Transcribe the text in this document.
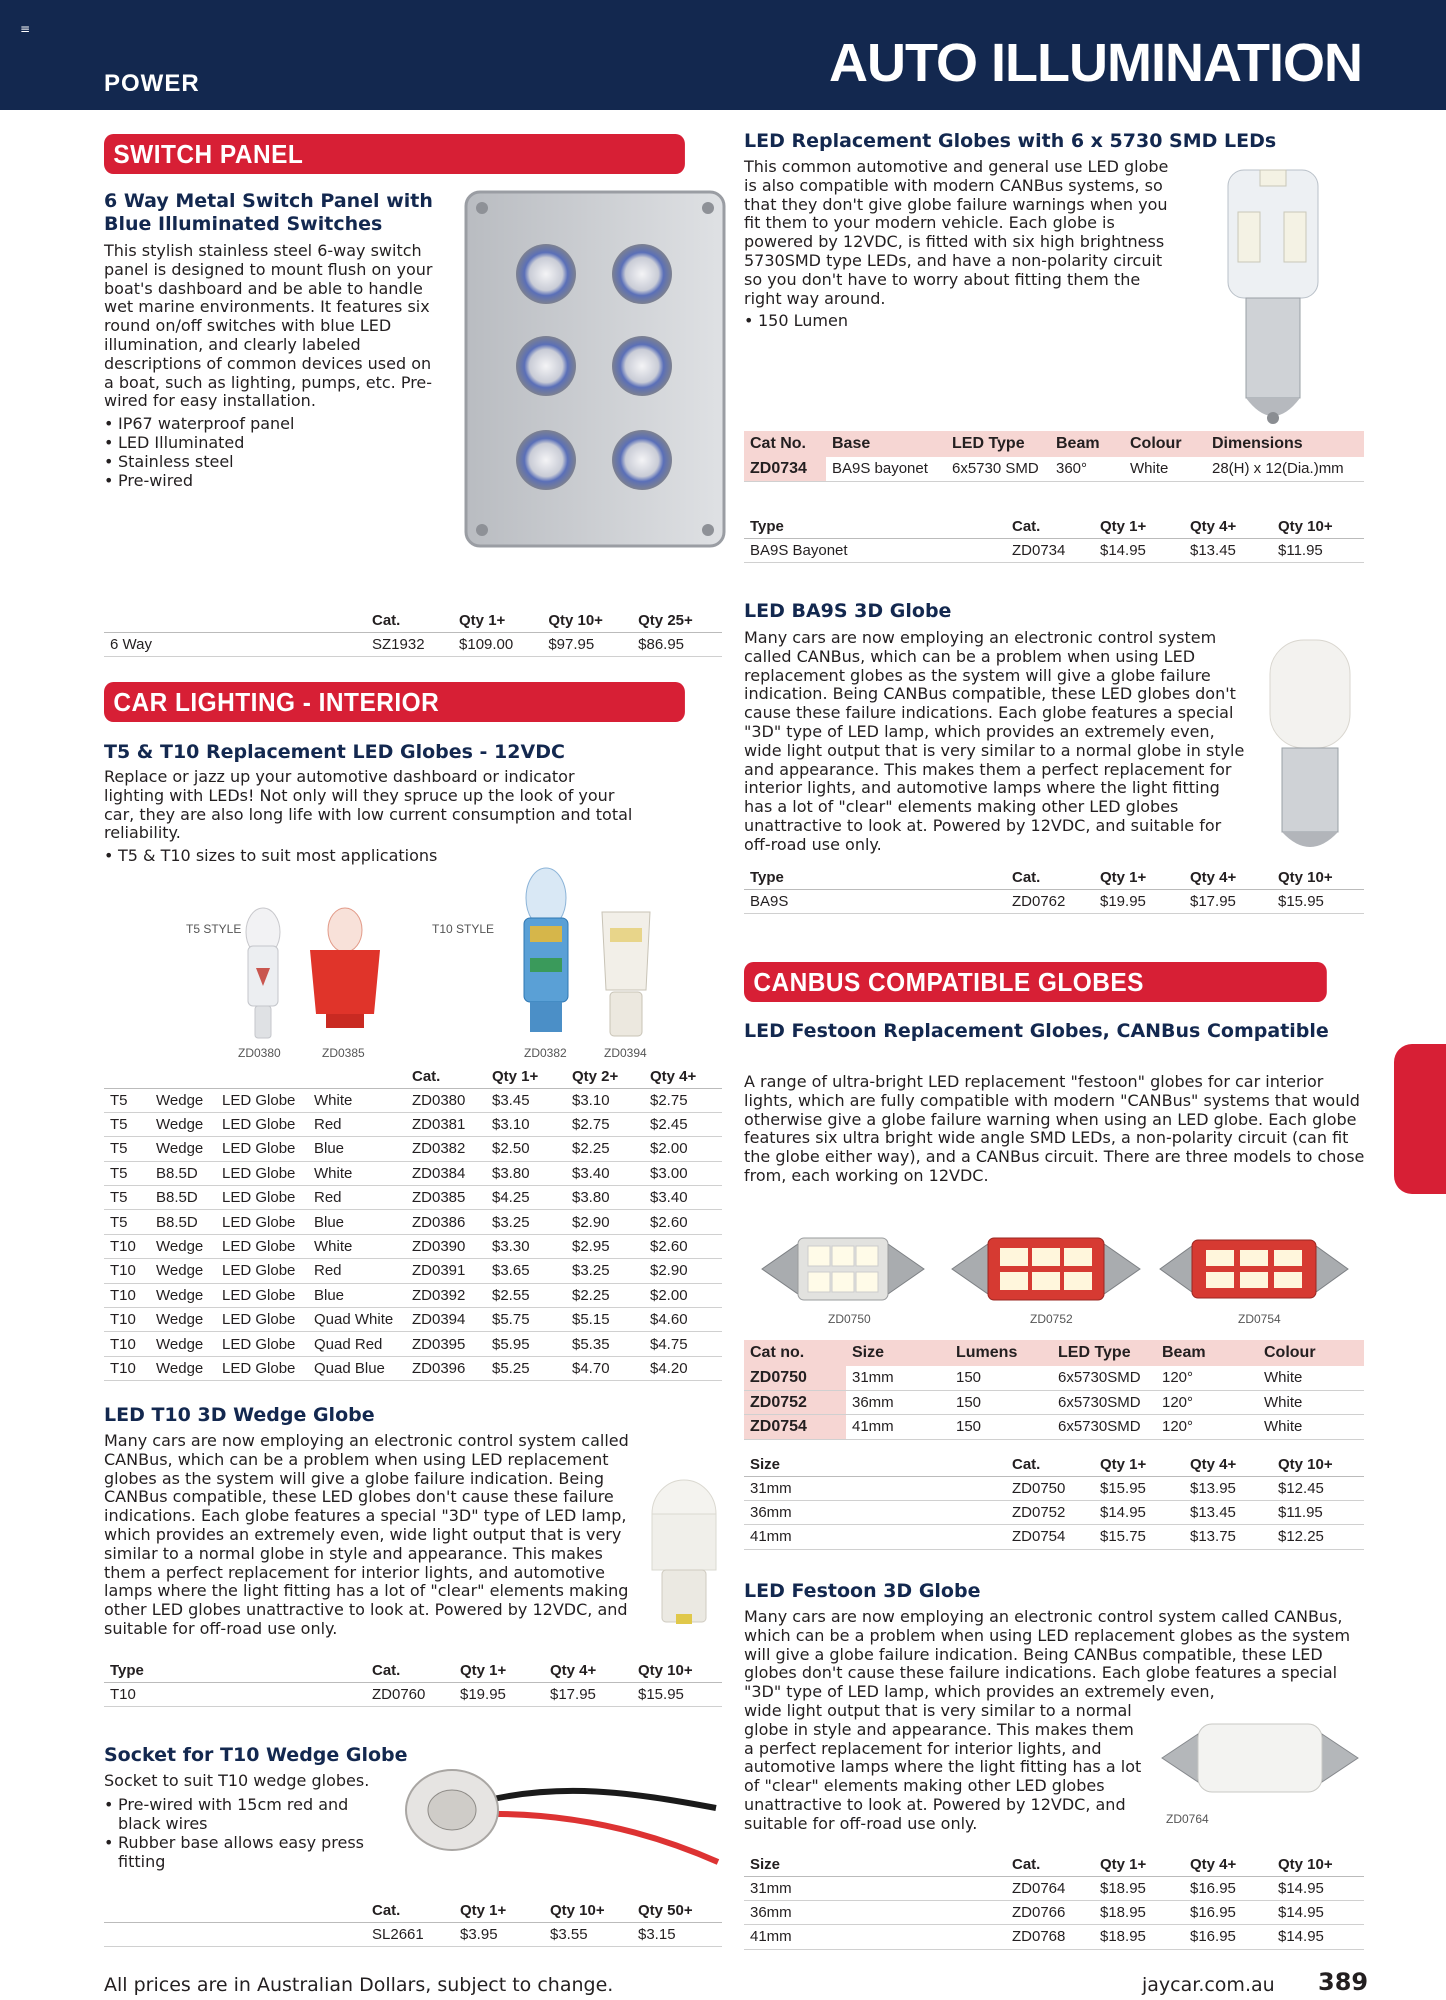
≡
POWER	AUTO ILLUMINATION
SWITCH PANEL
6 Way Metal Switch Panel with Blue Illuminated Switches
This stylish stainless steel 6-way switch panel is designed to mount flush on your boat's dashboard and be able to handle wet marine environments. It features six round on/off switches with blue LED illumination, and clearly labeled descriptions of common devices used on a boat, such as lighting, pumps, etc. Pre-wired for easy installation.
• IP67 waterproof panel
• LED Illuminated
• Stainless steel
• Pre-wired
	Cat.	Qty 1+	Qty 10+	Qty 25+
6 Way	SZ1932	$109.00	$97.95	$86.95
CAR LIGHTING - INTERIOR
T5 & T10 Replacement LED Globes - 12VDC
Replace or jazz up your automotive dashboard or indicator lighting with LEDs! Not only will they spruce up the look of your car, they are also long life with low current consumption and total reliability.
• T5 & T10 sizes to suit most applications
T5 STYLE	T10 STYLE
ZD0380	ZD0385	ZD0382	ZD0394
				Cat.	Qty 1+	Qty 2+	Qty 4+
T5	Wedge	LED Globe	White	ZD0380	$3.45	$3.10	$2.75
T5	Wedge	LED Globe	Red	ZD0381	$3.10	$2.75	$2.45
T5	Wedge	LED Globe	Blue	ZD0382	$2.50	$2.25	$2.00
T5	B8.5D	LED Globe	White	ZD0384	$3.80	$3.40	$3.00
T5	B8.5D	LED Globe	Red	ZD0385	$4.25	$3.80	$3.40
T5	B8.5D	LED Globe	Blue	ZD0386	$3.25	$2.90	$2.60
T10	Wedge	LED Globe	White	ZD0390	$3.30	$2.95	$2.60
T10	Wedge	LED Globe	Red	ZD0391	$3.65	$3.25	$2.90
T10	Wedge	LED Globe	Blue	ZD0392	$2.55	$2.25	$2.00
T10	Wedge	LED Globe	Quad White	ZD0394	$5.75	$5.15	$4.60
T10	Wedge	LED Globe	Quad Red	ZD0395	$5.95	$5.35	$4.75
T10	Wedge	LED Globe	Quad Blue	ZD0396	$5.25	$4.70	$4.20
LED T10 3D Wedge Globe
Many cars are now employing an electronic control system called CANBus, which can be a problem when using LED replacement globes as the system will give a globe failure indication. Being CANBus compatible, these LED globes don't cause these failure indications. Each globe features a special "3D" type of LED lamp, which provides an extremely even, wide light output that is very similar to a normal globe in style and appearance. This makes them a perfect replacement for interior lights, and automotive lamps where the light fitting has a lot of "clear" elements making other LED globes unattractive to look at. Powered by 12VDC, and suitable for off-road use only.
Type	Cat.	Qty 1+	Qty 4+	Qty 10+
T10	ZD0760	$19.95	$17.95	$15.95
Socket for T10 Wedge Globe
Socket to suit T10 wedge globes.
• Pre-wired with 15cm red and black wires
• Rubber base allows easy press fitting
	Cat.	Qty 1+	Qty 10+	Qty 50+
	SL2661	$3.95	$3.55	$3.15
LED Replacement Globes with 6 x 5730 SMD LEDs
This common automotive and general use LED globe is also compatible with modern CANBus systems, so that they don't give globe failure warnings when you fit them to your modern vehicle. Each globe is powered by 12VDC, is fitted with six high brightness 5730SMD type LEDs, and have a non-polarity circuit so you don't have to worry about fitting them the right way around.
• 150 Lumen
Cat No.	Base	LED Type	Beam	Colour	Dimensions
ZD0734	BA9S bayonet	6x5730 SMD	360°	White	28(H) x 12(Dia.)mm
Type	Cat.	Qty 1+	Qty 4+	Qty 10+
BA9S Bayonet	ZD0734	$14.95	$13.45	$11.95
LED BA9S 3D Globe
Many cars are now employing an electronic control system called CANBus, which can be a problem when using LED replacement globes as the system will give a globe failure indication. Being CANBus compatible, these LED globes don't cause these failure indications. Each globe features a special "3D" type of LED lamp, which provides an extremely even, wide light output that is very similar to a normal globe in style and appearance. This makes them a perfect replacement for interior lights, and automotive lamps where the light fitting has a lot of "clear" elements making other LED globes unattractive to look at. Powered by 12VDC, and suitable for off-road use only.
Type	Cat.	Qty 1+	Qty 4+	Qty 10+
BA9S	ZD0762	$19.95	$17.95	$15.95
CANBUS COMPATIBLE GLOBES
LED Festoon Replacement Globes, CANBus Compatible
A range of ultra-bright LED replacement "festoon" globes for car interior lights, which are fully compatible with modern "CANBus" systems that would otherwise give a globe failure warning when using an LED globe. Each globe features six ultra bright wide angle SMD LEDs, a non-polarity circuit (can fit the globe either way), and a CANBus circuit. There are three models to chose from, each working on 12VDC.
ZD0750	ZD0752	ZD0754
Cat no.	Size	Lumens	LED Type	Beam	Colour
ZD0750	31mm	150	6x5730SMD	120°	White
ZD0752	36mm	150	6x5730SMD	120°	White
ZD0754	41mm	150	6x5730SMD	120°	White
Size	Cat.	Qty 1+	Qty 4+	Qty 10+
31mm	ZD0750	$15.95	$13.95	$12.45
36mm	ZD0752	$14.95	$13.45	$11.95
41mm	ZD0754	$15.75	$13.75	$12.25
LED Festoon 3D Globe
Many cars are now employing an electronic control system called CANBus, which can be a problem when using LED replacement globes as the system will give a globe failure indication. Being CANBus compatible, these LED globes don't cause these failure indications. Each globe features a special "3D" type of LED lamp, which provides an extremely even,
wide light output that is very similar to a normal globe in style and appearance. This makes them a perfect replacement for interior lights, and automotive lamps where the light fitting has a lot of "clear" elements making other LED globes unattractive to look at. Powered by 12VDC, and suitable for off-road use only.	ZD0764
Size	Cat.	Qty 1+	Qty 4+	Qty 10+
31mm	ZD0764	$18.95	$16.95	$14.95
36mm	ZD0766	$18.95	$16.95	$14.95
41mm	ZD0768	$18.95	$16.95	$14.95
All prices are in Australian Dollars, subject to change.	jaycar.com.au 389
